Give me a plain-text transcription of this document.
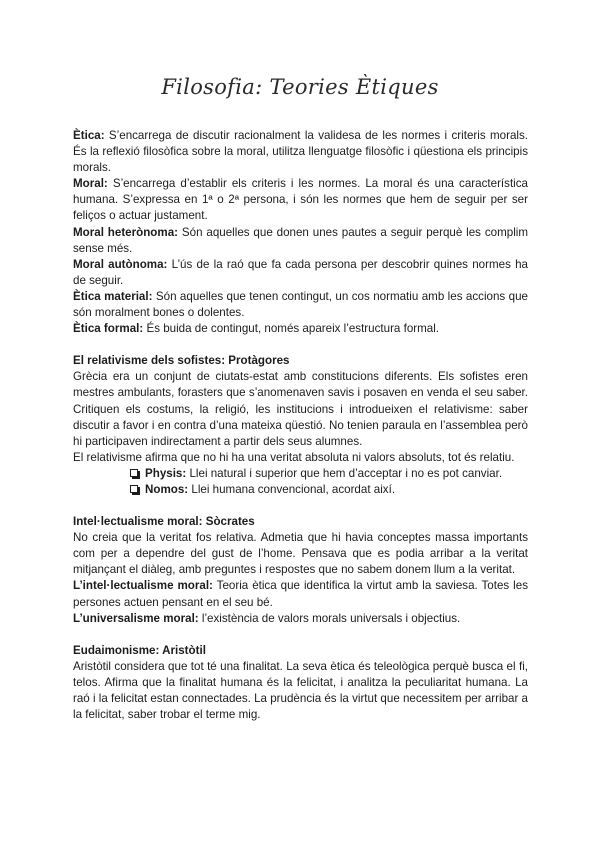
Filosofia: Teories Ètiques

Ètica: S’encarrega de discutir racionalment la validesa de les normes i criteris morals. És la reflexió filosòfica sobre la moral, utilitza llenguatge filosòfic i qüestiona els principis morals.

Moral: S’encarrega d’establir els criteris i les normes. La moral és una característica humana. S’expressa en 1ª o 2ª persona, i són les normes que hem de seguir per ser feliços o actuar justament.

Moral heterònoma: Són aquelles que donen unes pautes a seguir perquè les complim sense més.

Moral autònoma: L’ús de la raó que fa cada persona per descobrir quines normes ha de seguir.

Ètica material: Són aquelles que tenen contingut, un cos normatiu amb les accions que són moralment bones o dolentes.

Ètica formal: És buida de contingut, només apareix l’estructura formal.

El relativisme dels sofistes: Protàgores

Grècia era un conjunt de ciutats-estat amb constitucions diferents. Els sofistes eren mestres ambulants, forasters que s’anomenaven savis i posaven en venda el seu saber. Critiquen els costums, la religió, les institucions i introdueixen el relativisme: saber discutir a favor i en contra d’una mateixa qüestió. No tenien paraula en l’assemblea però hi participaven indirectament a partir dels seus alumnes.

El relativisme afirma que no hi ha una veritat absoluta ni valors absoluts, tot és relatiu.

Physis: Llei natural i superior que hem d’acceptar i no es pot canviar.
Nomos: Llei humana convencional, acordat així.

Intel·lectualisme moral: Sòcrates

No creia que la veritat fos relativa. Admetia que hi havia conceptes massa importants com per a dependre del gust de l’home. Pensava que es podia arribar a la veritat mitjançant el diàleg, amb preguntes i respostes que no sabem donem llum a la veritat.

L’intel·lectualisme moral: Teoria ètica que identifica la virtut amb la saviesa. Totes les persones actuen pensant en el seu bé.

L’universalisme moral: l’existència de valors morals universals i objectius.

Eudaimonisme: Aristòtil

Aristòtil considera que tot té una finalitat. La seva ètica és teleològica perquè busca el fi, telos. Afirma que la finalitat humana és la felicitat, i analitza la peculiaritat humana. La raó i la felicitat estan connectades. La prudència és la virtut que necessitem per arribar a la felicitat, saber trobar el terme mig.
